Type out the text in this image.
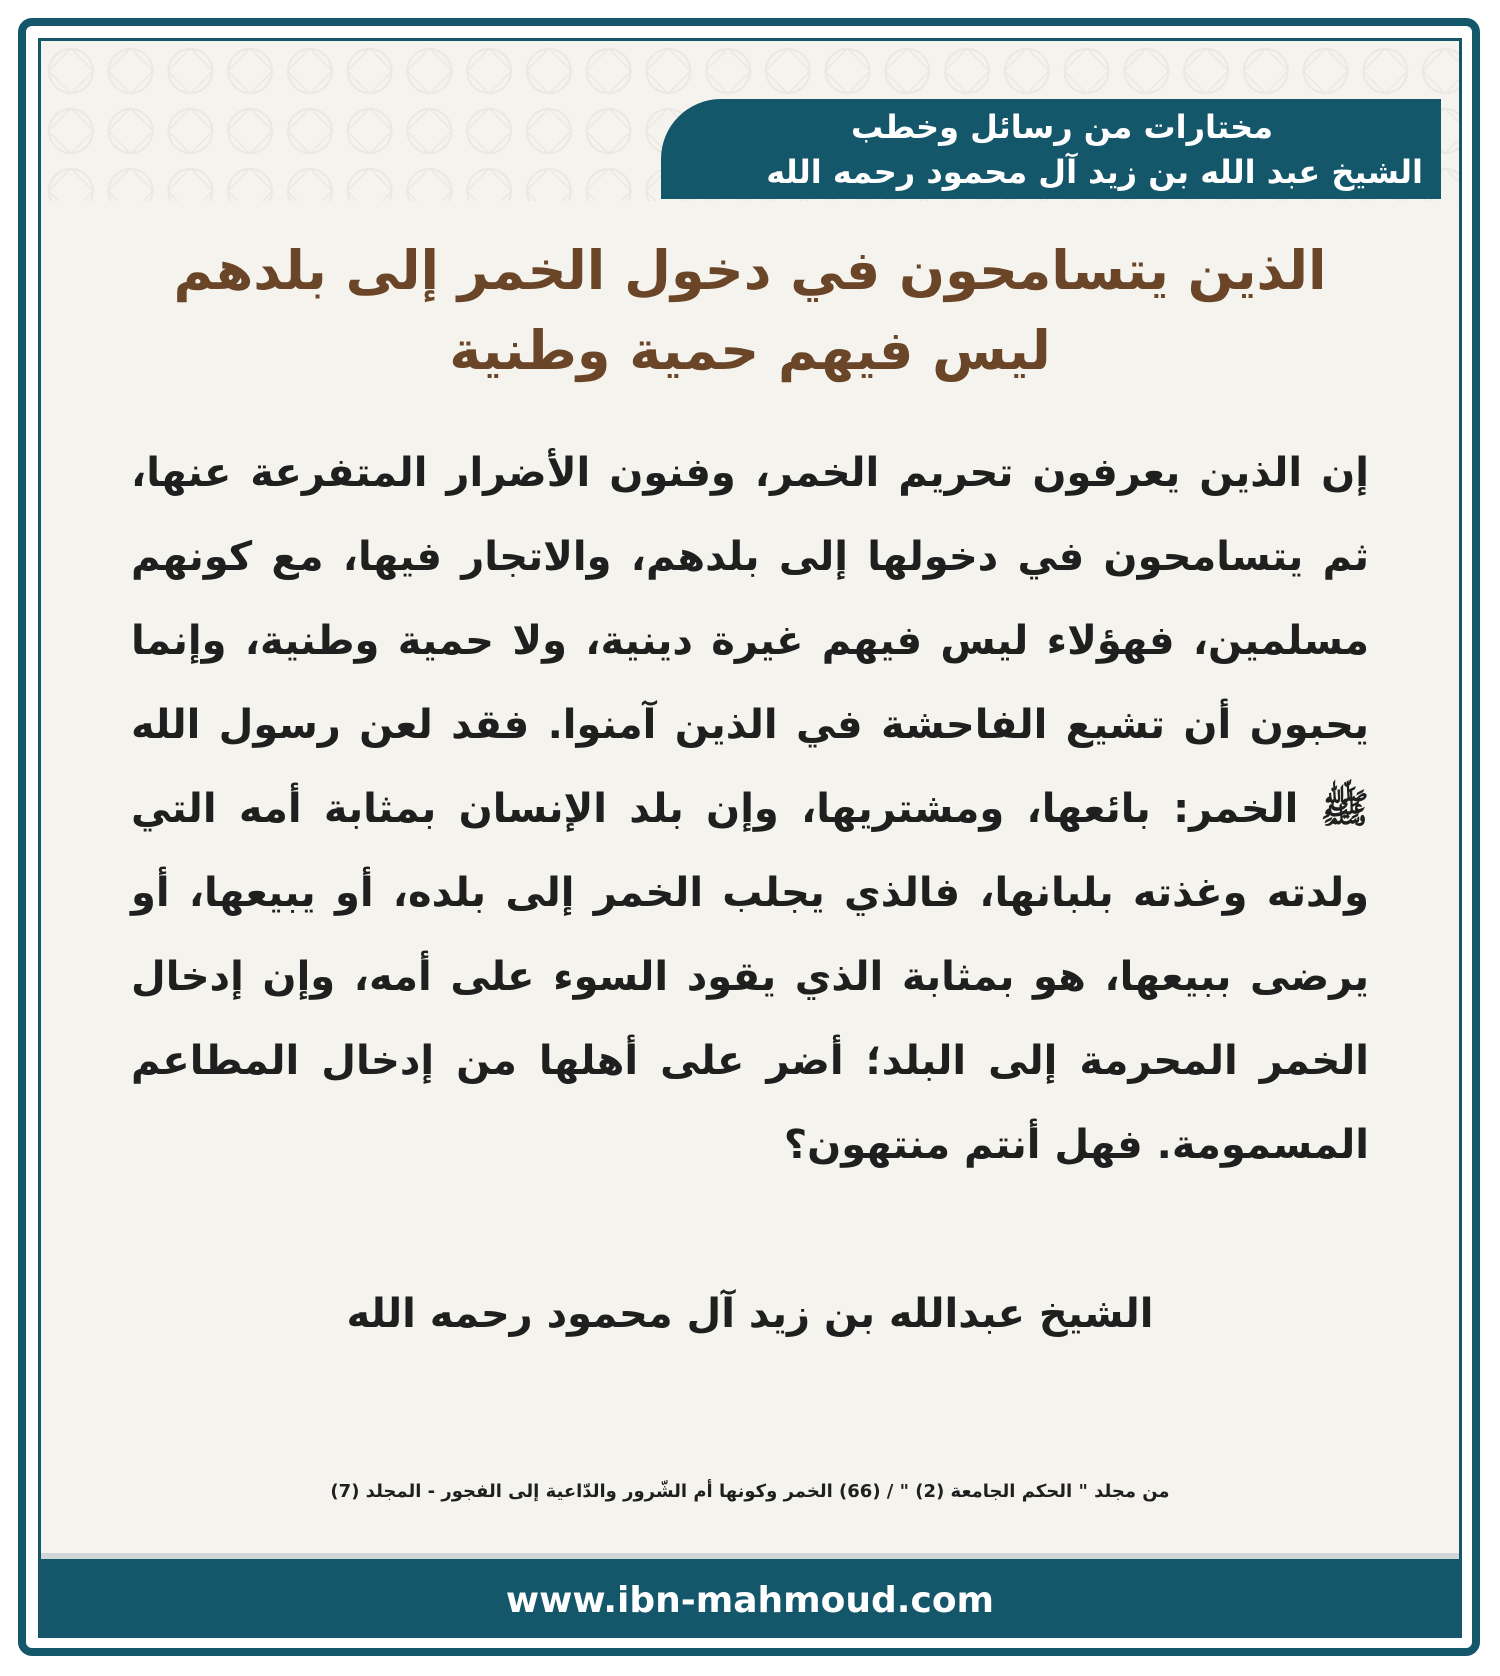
مختارات من رسائل وخطب
الشيخ عبد الله بن زيد آل محمود رحمه الله
الذين يتسامحون في دخول الخمر إلى بلدهم
ليس فيهم حمية وطنية
إن الذين يعرفون تحريم الخمر، وفنون الأضرار المتفرعة عنها، ثم يتسامحون في دخولها إلى بلدهم، والاتجار فيها، مع كونهم مسلمين، فهؤلاء ليس فيهم غيرة دينية، ولا حمية وطنية، وإنما يحبون أن تشيع الفاحشة في الذين آمنوا. فقد لعن رسول الله ﷺ الخمر: بائعها، ومشتريها، وإن بلد الإنسان بمثابة أمه التي ولدته وغذته بلبانها، فالذي يجلب الخمر إلى بلده، أو يبيعها، أو يرضى ببيعها، هو بمثابة الذي يقود السوء على أمه، وإن إدخال الخمر المحرمة إلى البلد؛ أضر على أهلها من إدخال المطاعم المسمومة. فهل أنتم منتهون؟
الشيخ عبدالله بن زيد آل محمود رحمه الله
من مجلد " الحكم الجامعة (2) " / (66) الخمر وكونها أم الشّرور والدّاعية إلى الفجور - المجلد (7)
www.ibn-mahmoud.com
